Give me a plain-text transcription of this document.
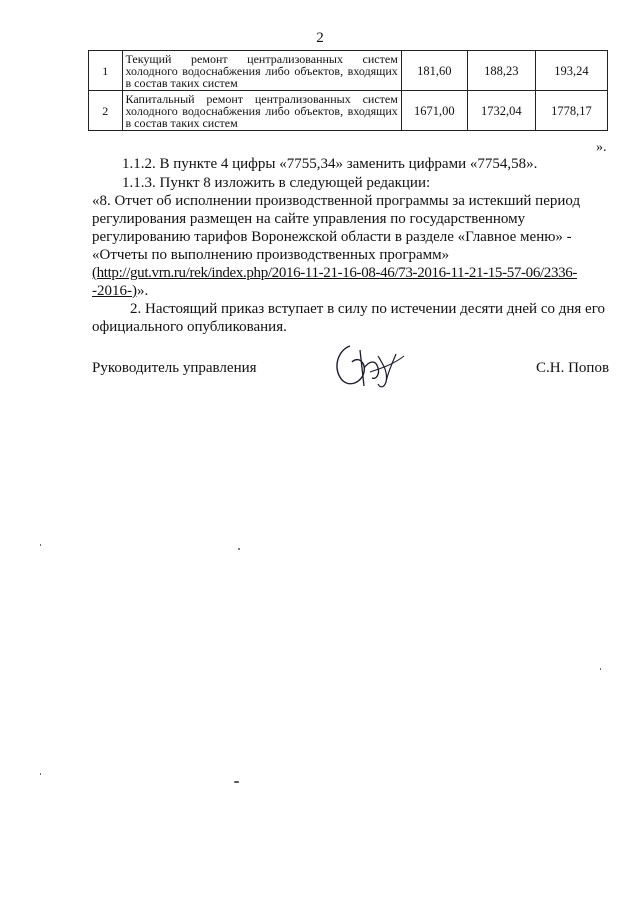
2
1	Текущий ремонт централизованных систем холодного водоснабжения либо объектов, входящих в состав таких систем	181,60	188,23	193,24
2	Капитальный ремонт централизованных систем холодного водоснабжения либо объектов, входящих в состав таких систем	1671,00	1732,04	1778,17
».
1.1.2. В пункте 4 цифры «7755,34» заменить цифрами «7754,58».
1.1.3. Пункт 8 изложить в следующей редакции:
«8. Отчет об исполнении производственной программы за истекший период
регулирования размещен на сайте управления по государственному
регулированию тарифов Воронежской области в разделе «Главное меню» -
«Отчеты по выполнению производственных программ»
(http://gut.vrn.ru/rek/index.php/2016-11-21-16-08-46/73-2016-11-21-15-57-06/2336-
-2016-)».
2. Настоящий приказ вступает в силу по истечении десяти дней со дня его
официального опубликования.
Руководитель управления	С.Н. Попов
